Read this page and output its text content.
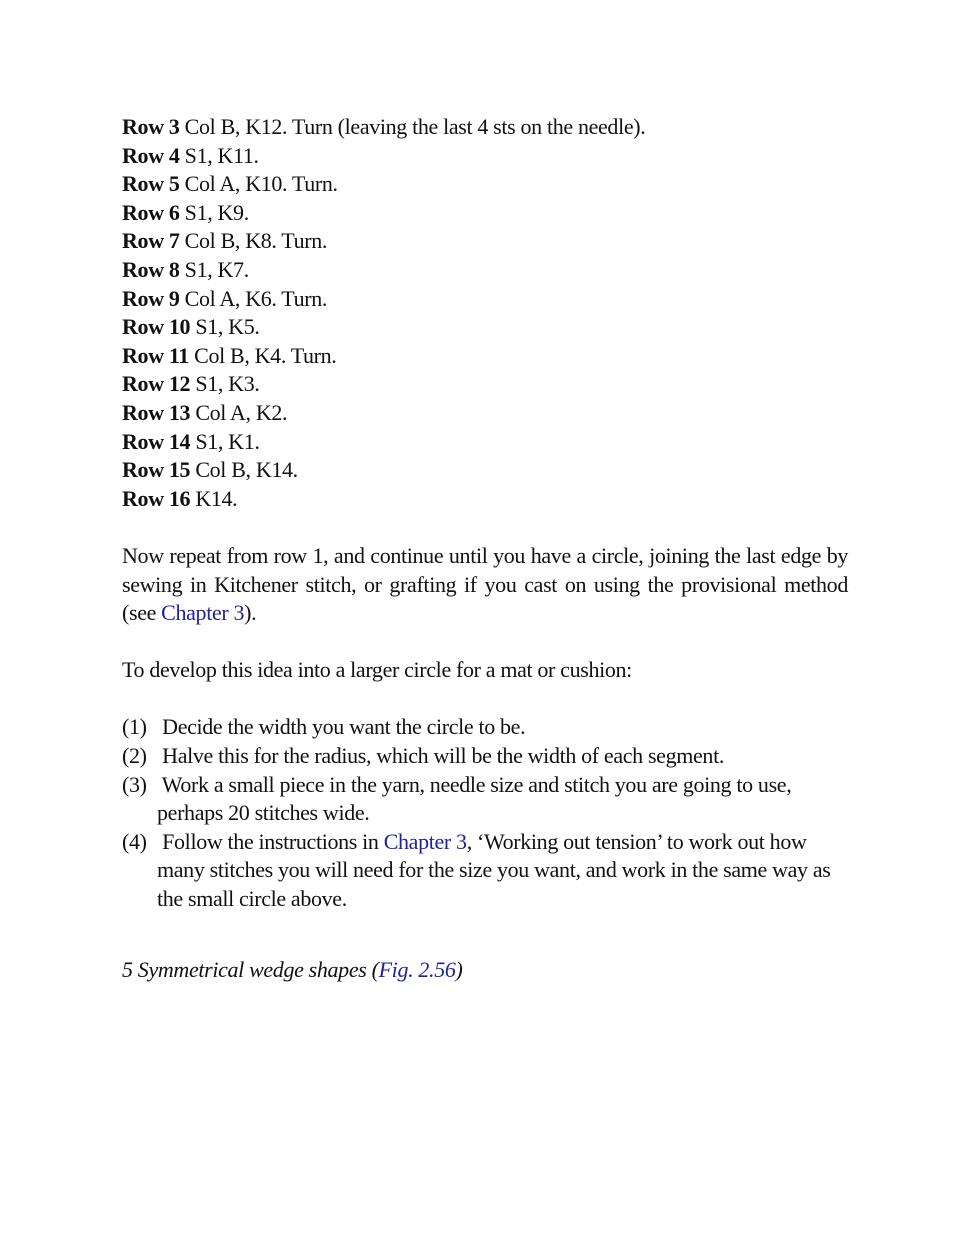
Row 3 Col B, K12. Turn (leaving the last 4 sts on the needle).
Row 4 S1, K11.
Row 5 Col A, K10. Turn.
Row 6 S1, K9.
Row 7 Col B, K8. Turn.
Row 8 S1, K7.
Row 9 Col A, K6. Turn.
Row 10 S1, K5.
Row 11 Col B, K4. Turn.
Row 12 S1, K3.
Row 13 Col A, K2.
Row 14 S1, K1.
Row 15 Col B, K14.
Row 16 K14.
Now repeat from row 1, and continue until you have a circle, joining the last edge by sewing in Kitchener stitch, or grafting if you cast on using the provisional method (see Chapter 3).
To develop this idea into a larger circle for a mat or cushion:
(1) Decide the width you want the circle to be.
(2) Halve this for the radius, which will be the width of each segment.
(3) Work a small piece in the yarn, needle size and stitch you are going to use, perhaps 20 stitches wide.
(4) Follow the instructions in Chapter 3, ‘Working out tension’ to work out how many stitches you will need for the size you want, and work in the same way as the small circle above.
5 Symmetrical wedge shapes (Fig. 2.56)
